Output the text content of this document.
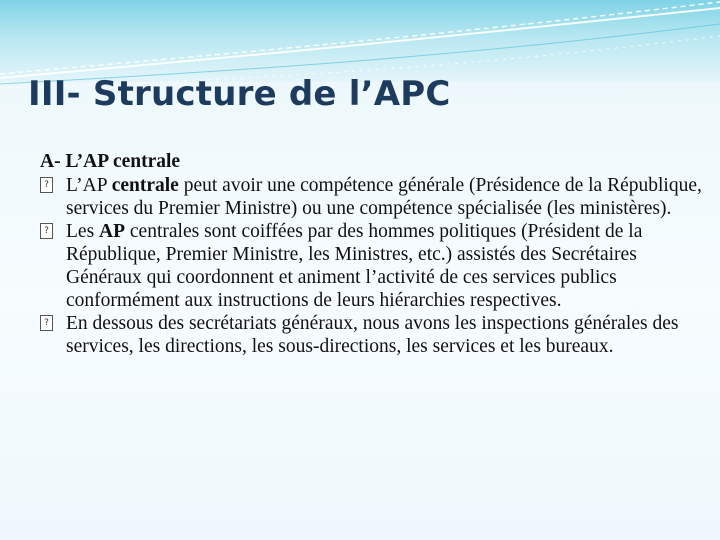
III- Structure de l’APC
A- L’AP centrale
? L’AP centrale peut avoir une compétence générale (Présidence de la République, services du Premier Ministre) ou une compétence spécialisée (les ministères).
? Les AP centrales sont coiffées par des hommes politiques (Président de la République, Premier Ministre, les Ministres, etc.) assistés des Secrétaires Généraux qui coordonnent et animent l’activité de ces services publics conformément aux instructions de leurs hiérarchies respectives.
? En dessous des secrétariats généraux, nous avons les inspections générales des services, les directions, les sous-directions, les services et les bureaux.
